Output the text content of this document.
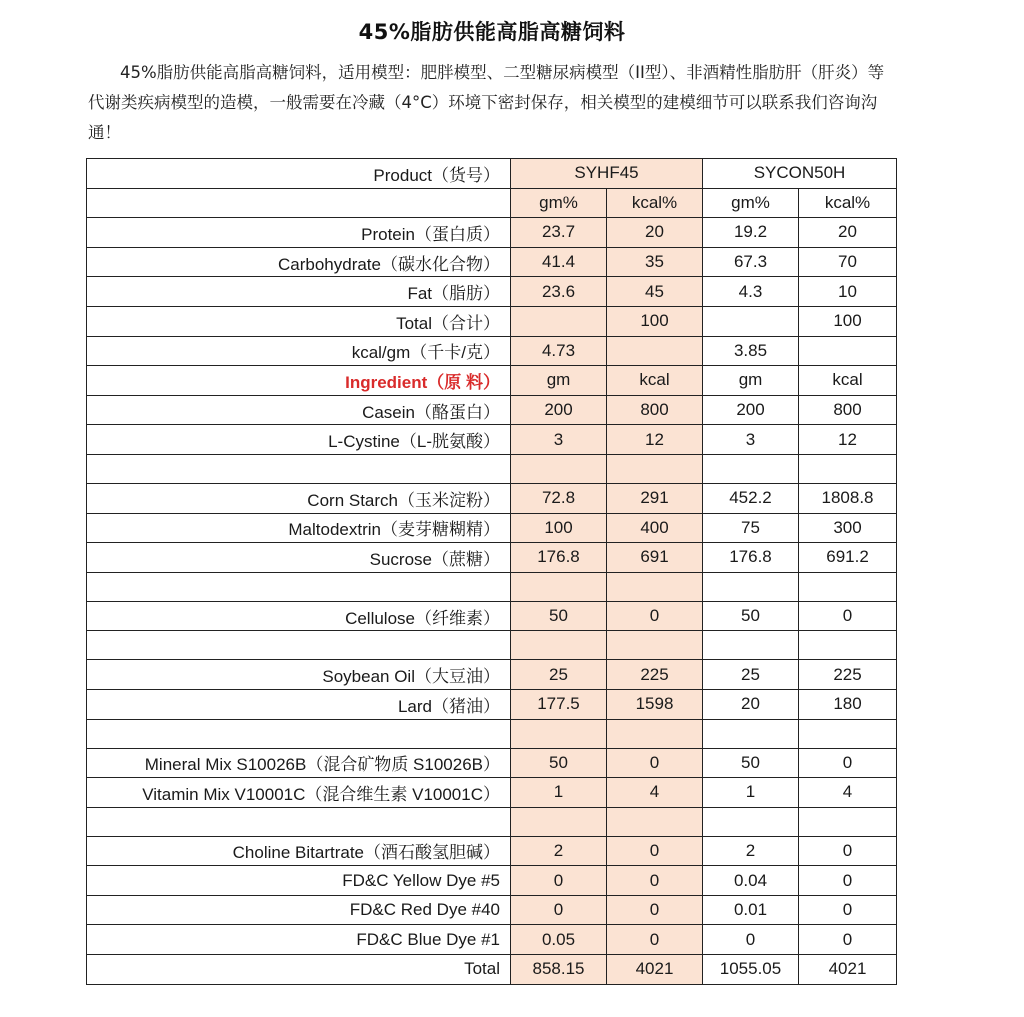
45%脂肪供能高脂高糖饲料
45%脂肪供能高脂高糖饲料，适用模型：肥胖模型、二型糖尿病模型（II型）、非酒精性脂肪肝（肝炎）等代谢类疾病模型的造模，一般需要在冷藏（4°C）环境下密封保存，相关模型的建模细节可以联系我们咨询沟通！
Product（货号）	SYHF45		SYCON50H	
	gm%	kcal%	gm%	kcal%
Protein（蛋白质）	23.7	20	19.2	20
Carbohydrate（碳水化合物）	41.4	35	67.3	70
Fat（脂肪）	23.6	45	4.3	10
Total（合计）		100		100
kcal/gm（千卡/克）	4.73		3.85	
Ingredient（原 料）	gm	kcal	gm	kcal
Casein（酪蛋白）	200	800	200	800
L-Cystine（L-胱氨酸）	3	12	3	12

Corn Starch（玉米淀粉）	72.8	291	452.2	1808.8
Maltodextrin（麦芽糖糊精）	100	400	75	300
Sucrose（蔗糖）	176.8	691	176.8	691.2

Cellulose（纤维素）	50	0	50	0

Soybean Oil（大豆油）	25	225	25	225
Lard（猪油）	177.5	1598	20	180

Mineral Mix S10026B（混合矿物质 S10026B）	50	0	50	0
Vitamin Mix V10001C（混合维生素 V10001C）	1	4	1	4

Choline Bitartrate（酒石酸氢胆碱）	2	0	2	0
FD&C Yellow Dye #5	0	0	0.04	0
FD&C Red Dye #40	0	0	0.01	0
FD&C Blue Dye #1	0.05	0	0	0
Total	858.15	4021	1055.05	4021
